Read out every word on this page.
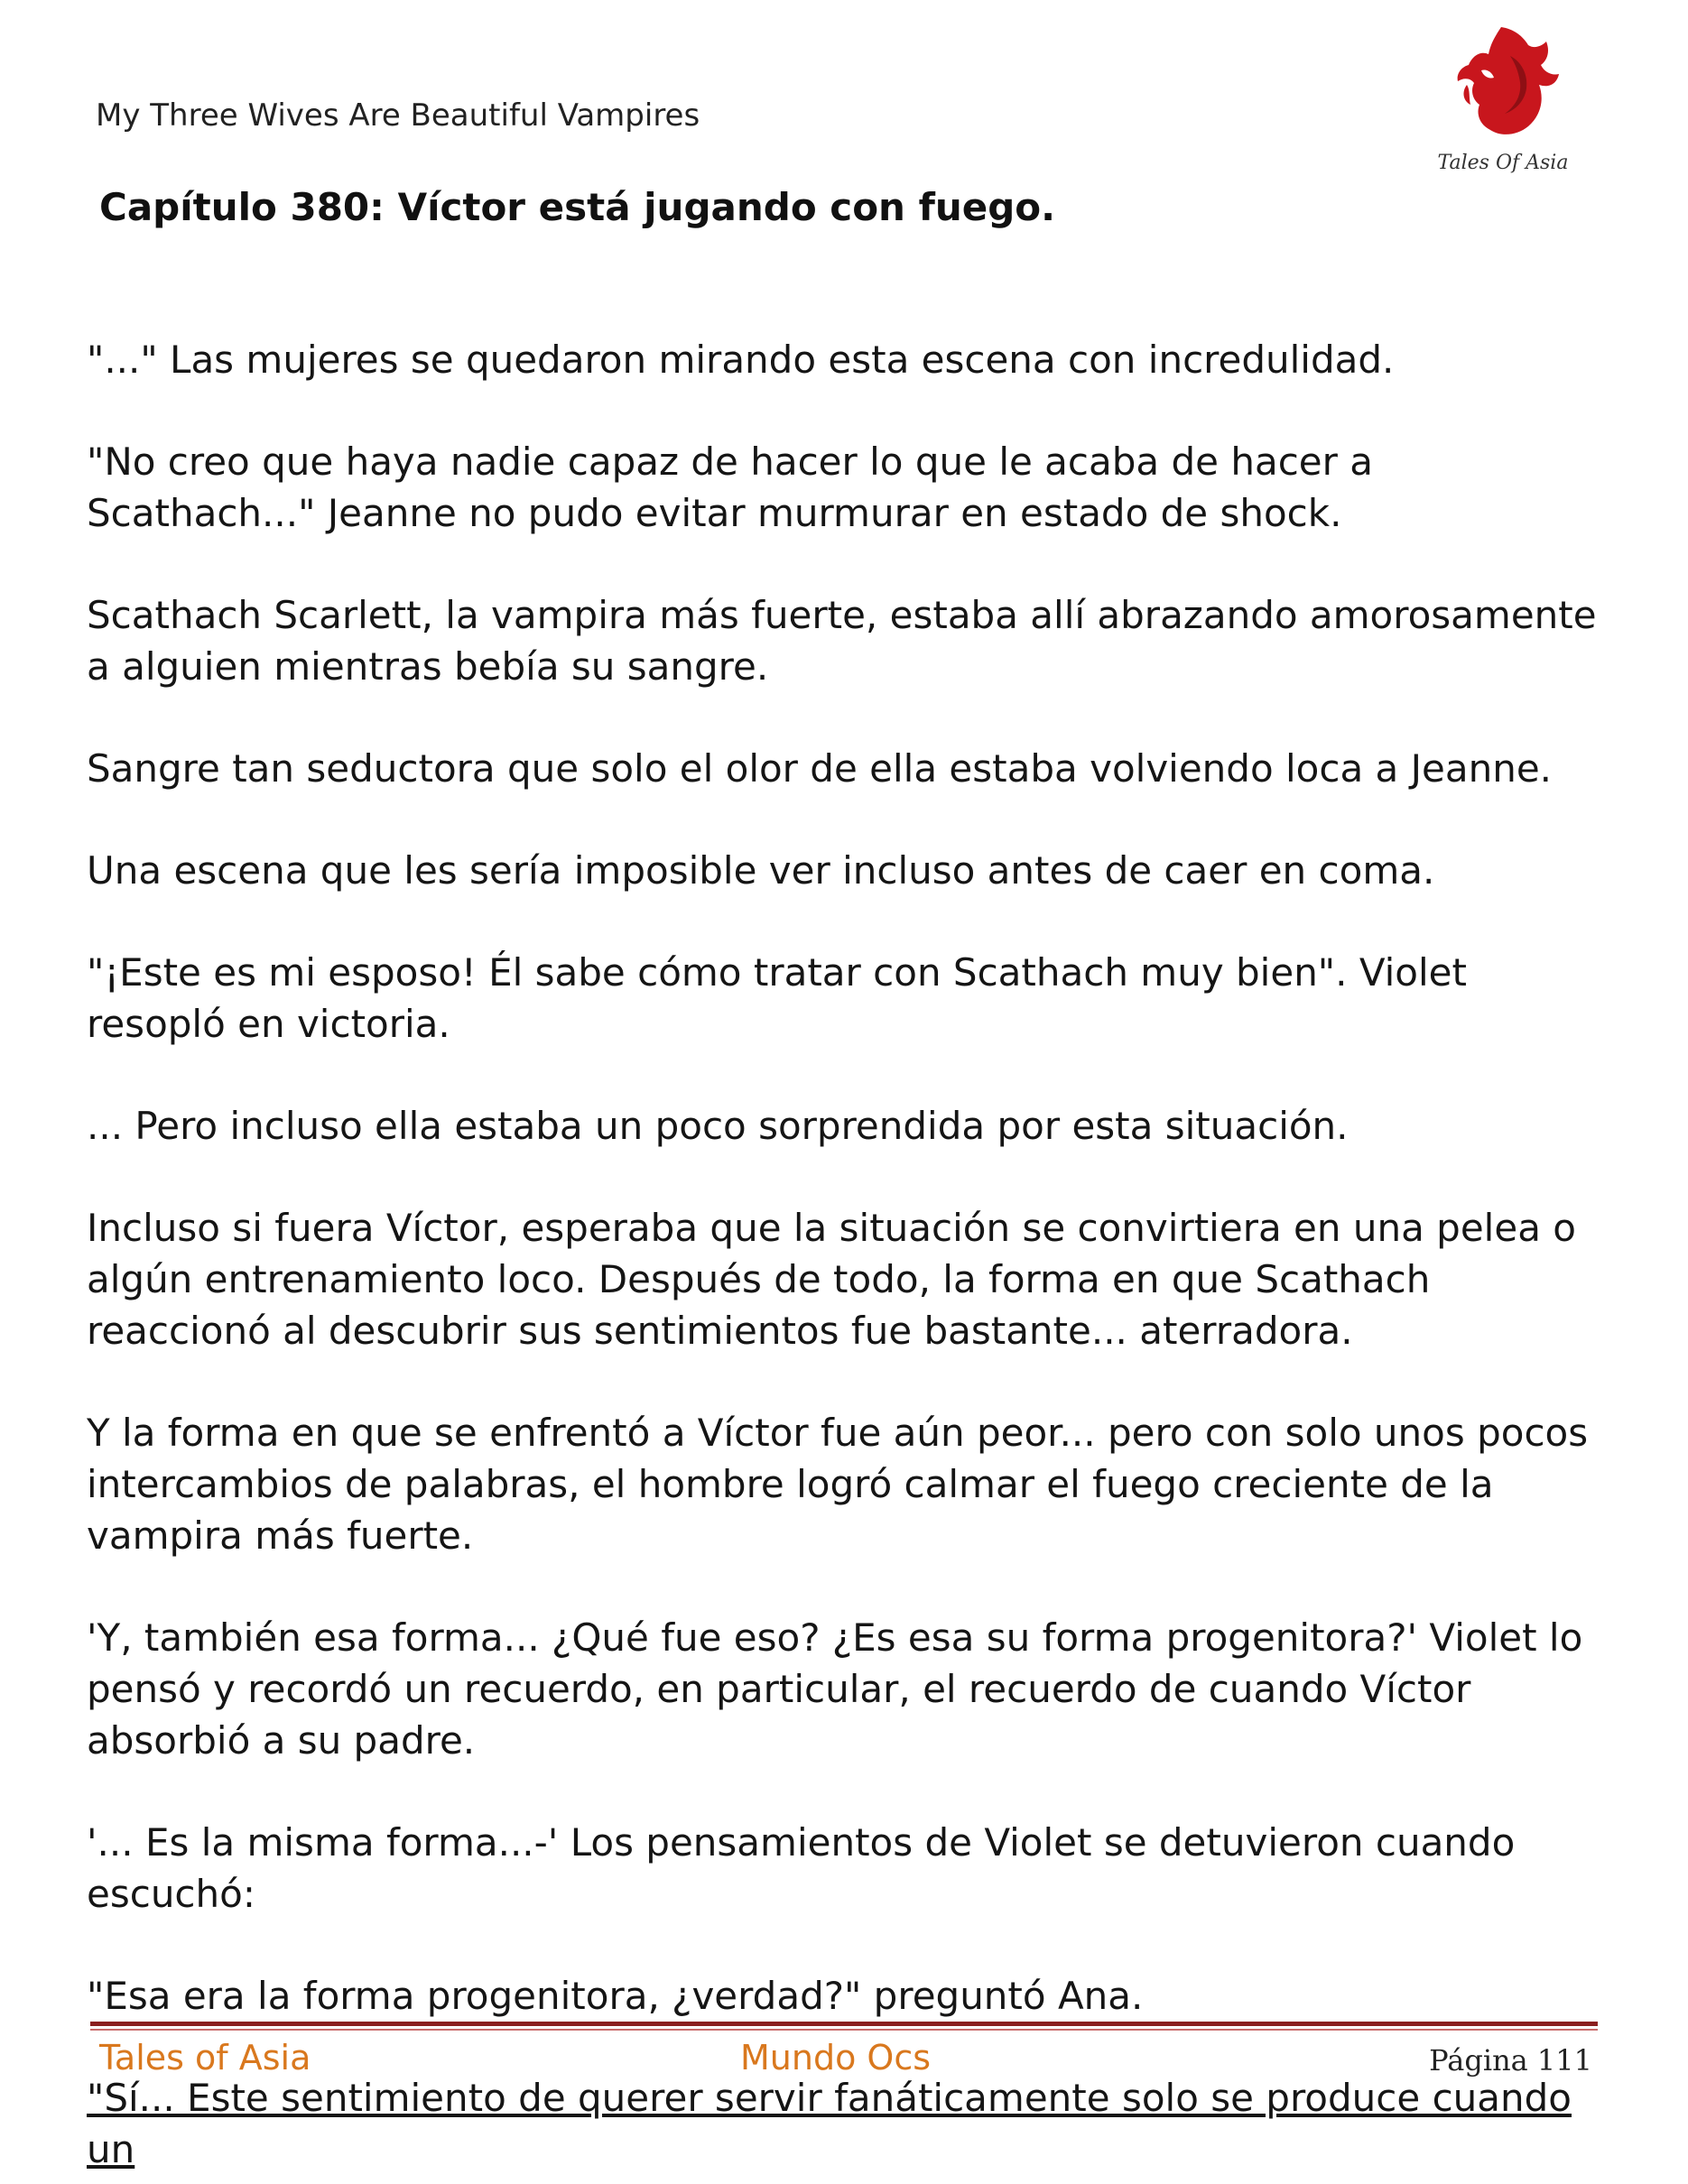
My Three Wives Are Beautiful Vampires
Tales Of Asia
Capítulo 380: Víctor está jugando con fuego.

"..." Las mujeres se quedaron mirando esta escena con incredulidad.

"No creo que haya nadie capaz de hacer lo que le acaba de hacer a Scathach..." Jeanne no pudo evitar murmurar en estado de shock.

Scathach Scarlett, la vampira más fuerte, estaba allí abrazando amorosamente a alguien mientras bebía su sangre.

Sangre tan seductora que solo el olor de ella estaba volviendo loca a Jeanne.

Una escena que les sería imposible ver incluso antes de caer en coma.

"¡Este es mi esposo! Él sabe cómo tratar con Scathach muy bien". Violet resopló en victoria.

... Pero incluso ella estaba un poco sorprendida por esta situación.

Incluso si fuera Víctor, esperaba que la situación se convirtiera en una pelea o algún entrenamiento loco. Después de todo, la forma en que Scathach reaccionó al descubrir sus sentimientos fue bastante... aterradora.

Y la forma en que se enfrentó a Víctor fue aún peor... pero con solo unos pocos intercambios de palabras, el hombre logró calmar el fuego creciente de la vampira más fuerte.

'Y, también esa forma... ¿Qué fue eso? ¿Es esa su forma progenitora?' Violet lo pensó y recordó un recuerdo, en particular, el recuerdo de cuando Víctor absorbió a su padre.

'... Es la misma forma...-' Los pensamientos de Violet se detuvieron cuando escuchó:

"Esa era la forma progenitora, ¿verdad?" preguntó Ana.

"Sí... Este sentimiento de querer servir fanáticamente solo se produce cuando un

Tales of Asia	Mundo Ocs	Página 111
